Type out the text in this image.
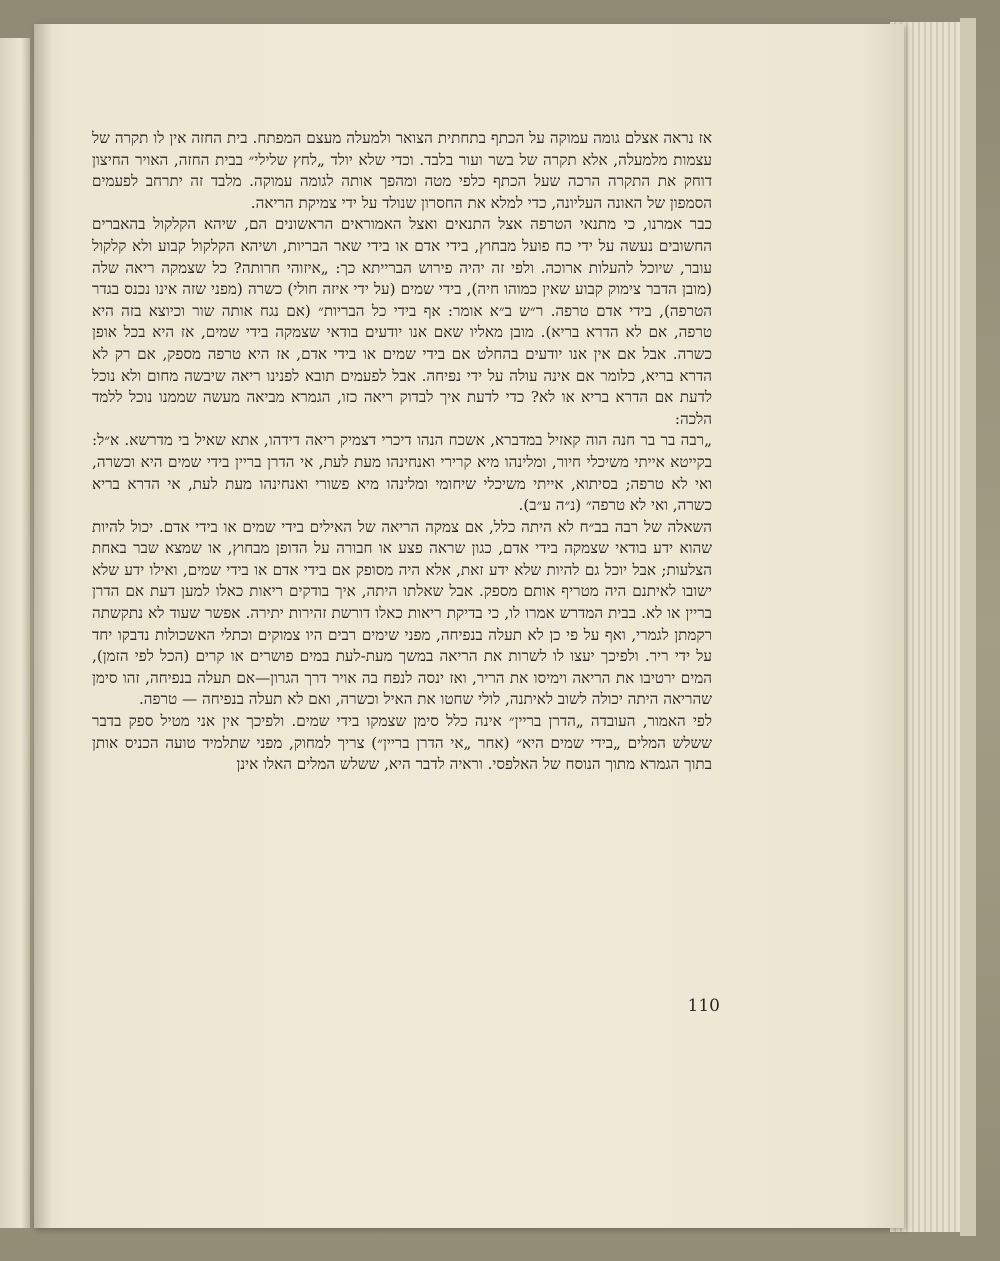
אז נראה אצלם גומה עמוקה על הכתף בתחתית הצואר ולמעלה מעצם המפתח. בית החזה אין לו תקרה של עצמות מלמעלה, אלא תקרה של בשר ועור בלבד. וכדי שלא יולד „לחץ שלילי״ בבית החזה, האויר החיצון דוחק את התקרה הרכה שעל הכתף כלפי מטה ומהפך אותה לגומה עמוקה. מלבד זה יתרחב לפעמים הסמפון של האונה העליונה, כדי למלא את החסרון שנולד על ידי צמיקת הריאה.

כבר אמרנו, כי מתנאי הטרפה אצל התנאים ואצל האמוראים הראשונים הם, שיהא הקלקול בהאברים החשובים נעשה על ידי כח פועל מבחוץ, בידי אדם או בידי שאר הבריות, ושיהא הקלקול קבוע ולא קלקול עובר, שיוכל להעלות ארוכה. ולפי זה יהיה פירוש הברייתא כך: „איזוהי חרותה? כל שצמקה ריאה שלה (מובן הדבר צימוק קבוע שאין כמוהו חיה), בידי שמים (על ידי איזה חולי) כשרה (מפני שזה אינו נכנס בגדר הטרפה), בידי אדם טרפה. ר״ש ב״א אומר: אף בידי כל הבריות״ (אם נגח אותה שור וכיוצא בזה היא טרפה, אם לא הדרא בריא). מובן מאליו שאם אנו יודעים בודאי שצמקה בידי שמים, אז היא בכל אופן כשרה. אבל אם אין אנו יודעים בהחלט אם בידי שמים או בידי אדם, אז היא טרפה מספק, אם רק לא הדרא בריא, כלומר אם אינה עולה על ידי נפיחה. אבל לפעמים תובא לפנינו ריאה שיבשה מחום ולא נוכל לדעת אם הדרא בריא או לא? כדי לדעת איך לבדוק ריאה כזו, הגמרא מביאה מעשה שממנו נוכל ללמד הלכה:

„רבה בר בר חנה הוה קאזיל במדברא, אשכח הנהו דיכרי דצמיק ריאה דידהו, אתא שאיל בי מדרשא. א״ל: בקייטא אייתי משיכלי חיור, ומלינהו מיא קרירי ואנחינהו מעת לעת, אי הדרן בריין בידי שמים היא וכשרה, ואי לא טרפה; בסיתוא, אייתי משיכלי שיחומי ומלינהו מיא פשורי ואנחינהו מעת לעת, אי הדרא בריא כשרה, ואי לא טרפה״ (נ״ה ע״ב).

השאלה של רבה בב״ח לא היתה כלל, אם צמקה הריאה של האילים בידי שמים או בידי אדם. יכול להיות שהוא ידע בודאי שצמקה בידי אדם, כגון שראה פצע או חבורה על הדופן מבחוץ, או שמצא שבר באחת הצלעות; אבל יוכל גם להיות שלא ידע זאת, אלא היה מסופק אם בידי אדם או בידי שמים, ואילו ידע שלא ישובו לאיתנם היה מטריף אותם מספק. אבל שאלתו היתה, איך בודקים ריאות כאלו למען דעת אם הדרן בריין או לא. בבית המדרש אמרו לו, כי בדיקת ריאות כאלו דורשת זהירות יתירה. אפשר שעוד לא נתקשתה רקמתן לגמרי, ואף על פי כן לא תעלה בנפיחה, מפני שימים רבים היו צמוקים וכתלי האשכולות נדבקו יחד על ידי ריר. ולפיכך יעצו לו לשרות את הריאה במשך מעת-לעת במים פושרים או קרים (הכל לפי הזמן), המים ירטיבו את הריאה וימיסו את הריר, ואז ינסה לנפח בה אויר דרך הגרון—אם תעלה בנפיחה, זהו סימן שהריאה היתה יכולה לשוב לאיתנה, לולי שחטו את האיל וכשרה, ואם לא תעלה בנפיחה — טרפה.

לפי האמור, העובדה „הדרן בריין״ אינה כלל סימן שצמקו בידי שמים. ולפיכך אין אני מטיל ספק בדבר ששלש המלים „בידי שמים היא״ (אחר „אי הדרן בריין״) צריך למחוק, מפני שתלמיד טועה הכניס אותן בתוך הגמרא מתוך הנוסח של האלפסי. וראיה לדבר היא, ששלש המלים האלו אינן

110
